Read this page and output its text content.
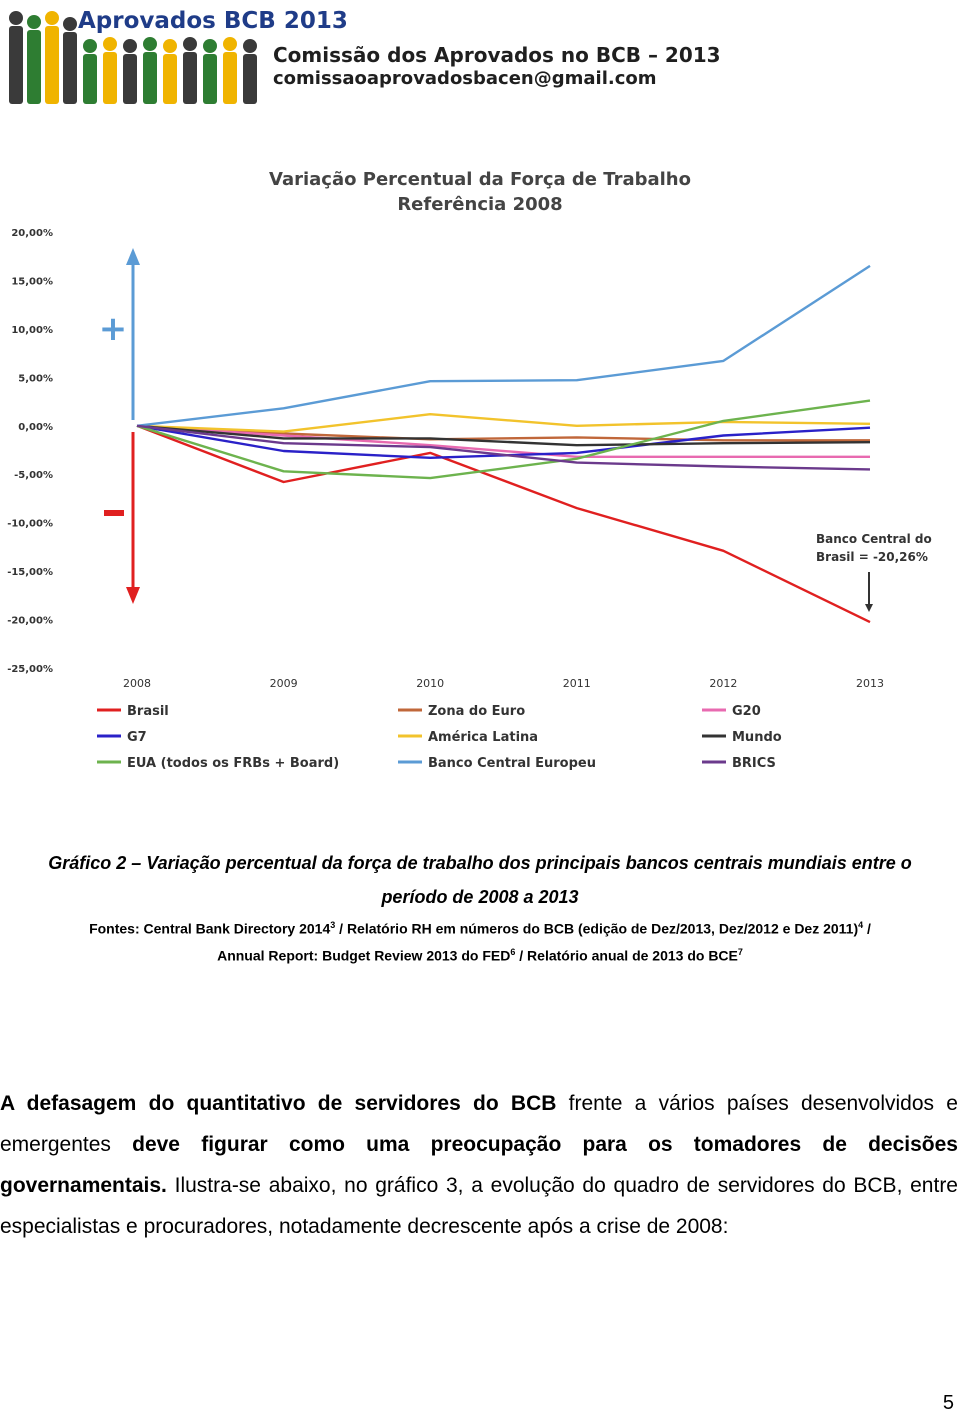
Aprovados BCB 2013
Comissão dos Aprovados no BCB – 2013
comissaoaprovadosbacen@gmail.com
Variação Percentual da Força de Trabalho
Referência 2008
20,00%
15,00%
10,00%
5,00%
0,00%
-5,00%
-10,00%
-15,00%
-20,00%
-25,00%
2008	2009	2010	2011	2012	2013
+
Banco Central do
Brasil = -20,26%
Brasil	Zona do Euro	G20
G7	América Latina	Mundo
EUA (todos os FRBs + Board)	Banco Central Europeu	BRICS
Gráfico 2 – Variação percentual da força de trabalho dos principais bancos centrais mundiais entre o
período de 2008 a 2013
Fontes: Central Bank Directory 2014$^3$ / Relatório RH em números do BCB (edição de Dez/2013, Dez/2012 e Dez 2011)$^4$ /
Annual Report: Budget Review 2013 do FED$^6$ / Relatório anual de 2013 do BCE$^7$
A defasagem do quantitativo de servidores do BCB frente a vários países desenvolvidos e emergentes deve figurar como uma preocupação para os tomadores de decisões governamentais. Ilustra-se abaixo, no gráfico 3, a evolução do quadro de servidores do BCB, entre especialistas e procuradores, notadamente decrescente após a crise de 2008:
5
